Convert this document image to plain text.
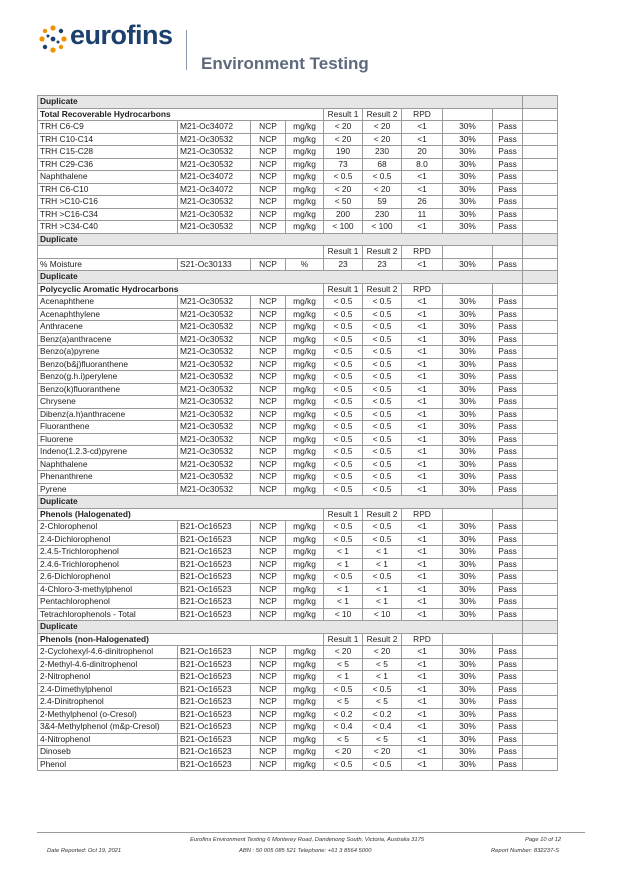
eurofins
Environment Testing
Duplicate									
Total Recoverable Hydrocarbons				Result 1	Result 2	RPD			
TRH C6-C9	M21-Oc34072	NCP	mg/kg	< 20	< 20	<1	30%	Pass	
TRH C10-C14	M21-Oc30532	NCP	mg/kg	< 20	< 20	<1	30%	Pass	
TRH C15-C28	M21-Oc30532	NCP	mg/kg	190	230	20	30%	Pass	
TRH C29-C36	M21-Oc30532	NCP	mg/kg	73	68	8.0	30%	Pass	
Naphthalene	M21-Oc34072	NCP	mg/kg	< 0.5	< 0.5	<1	30%	Pass	
TRH C6-C10	M21-Oc34072	NCP	mg/kg	< 20	< 20	<1	30%	Pass	
TRH >C10-C16	M21-Oc30532	NCP	mg/kg	< 50	59	26	30%	Pass	
TRH >C16-C34	M21-Oc30532	NCP	mg/kg	200	230	11	30%	Pass	
TRH >C34-C40	M21-Oc30532	NCP	mg/kg	< 100	< 100	<1	30%	Pass	
Duplicate									
				Result 1	Result 2	RPD			
% Moisture	S21-Oc30133	NCP	%	23	23	<1	30%	Pass	
Duplicate									
Polycyclic Aromatic Hydrocarbons				Result 1	Result 2	RPD			
Acenaphthene	M21-Oc30532	NCP	mg/kg	< 0.5	< 0.5	<1	30%	Pass	
Acenaphthylene	M21-Oc30532	NCP	mg/kg	< 0.5	< 0.5	<1	30%	Pass	
Anthracene	M21-Oc30532	NCP	mg/kg	< 0.5	< 0.5	<1	30%	Pass	
Benz(a)anthracene	M21-Oc30532	NCP	mg/kg	< 0.5	< 0.5	<1	30%	Pass	
Benzo(a)pyrene	M21-Oc30532	NCP	mg/kg	< 0.5	< 0.5	<1	30%	Pass	
Benzo(b&j)fluoranthene	M21-Oc30532	NCP	mg/kg	< 0.5	< 0.5	<1	30%	Pass	
Benzo(g.h.i)perylene	M21-Oc30532	NCP	mg/kg	< 0.5	< 0.5	<1	30%	Pass	
Benzo(k)fluoranthene	M21-Oc30532	NCP	mg/kg	< 0.5	< 0.5	<1	30%	Pass	
Chrysene	M21-Oc30532	NCP	mg/kg	< 0.5	< 0.5	<1	30%	Pass	
Dibenz(a.h)anthracene	M21-Oc30532	NCP	mg/kg	< 0.5	< 0.5	<1	30%	Pass	
Fluoranthene	M21-Oc30532	NCP	mg/kg	< 0.5	< 0.5	<1	30%	Pass	
Fluorene	M21-Oc30532	NCP	mg/kg	< 0.5	< 0.5	<1	30%	Pass	
Indeno(1.2.3-cd)pyrene	M21-Oc30532	NCP	mg/kg	< 0.5	< 0.5	<1	30%	Pass	
Naphthalene	M21-Oc30532	NCP	mg/kg	< 0.5	< 0.5	<1	30%	Pass	
Phenanthrene	M21-Oc30532	NCP	mg/kg	< 0.5	< 0.5	<1	30%	Pass	
Pyrene	M21-Oc30532	NCP	mg/kg	< 0.5	< 0.5	<1	30%	Pass	
Duplicate									
Phenols (Halogenated)				Result 1	Result 2	RPD			
2-Chlorophenol	B21-Oc16523	NCP	mg/kg	< 0.5	< 0.5	<1	30%	Pass	
2.4-Dichlorophenol	B21-Oc16523	NCP	mg/kg	< 0.5	< 0.5	<1	30%	Pass	
2.4.5-Trichlorophenol	B21-Oc16523	NCP	mg/kg	< 1	< 1	<1	30%	Pass	
2.4.6-Trichlorophenol	B21-Oc16523	NCP	mg/kg	< 1	< 1	<1	30%	Pass	
2.6-Dichlorophenol	B21-Oc16523	NCP	mg/kg	< 0.5	< 0.5	<1	30%	Pass	
4-Chloro-3-methylphenol	B21-Oc16523	NCP	mg/kg	< 1	< 1	<1	30%	Pass	
Pentachlorophenol	B21-Oc16523	NCP	mg/kg	< 1	< 1	<1	30%	Pass	
Tetrachlorophenols - Total	B21-Oc16523	NCP	mg/kg	< 10	< 10	<1	30%	Pass	
Duplicate									
Phenols (non-Halogenated)				Result 1	Result 2	RPD			
2-Cyclohexyl-4.6-dinitrophenol	B21-Oc16523	NCP	mg/kg	< 20	< 20	<1	30%	Pass	
2-Methyl-4.6-dinitrophenol	B21-Oc16523	NCP	mg/kg	< 5	< 5	<1	30%	Pass	
2-Nitrophenol	B21-Oc16523	NCP	mg/kg	< 1	< 1	<1	30%	Pass	
2.4-Dimethylphenol	B21-Oc16523	NCP	mg/kg	< 0.5	< 0.5	<1	30%	Pass	
2.4-Dinitrophenol	B21-Oc16523	NCP	mg/kg	< 5	< 5	<1	30%	Pass	
2-Methylphenol (o-Cresol)	B21-Oc16523	NCP	mg/kg	< 0.2	< 0.2	<1	30%	Pass	
3&4-Methylphenol (m&p-Cresol)	B21-Oc16523	NCP	mg/kg	< 0.4	< 0.4	<1	30%	Pass	
4-Nitrophenol	B21-Oc16523	NCP	mg/kg	< 5	< 5	<1	30%	Pass	
Dinoseb	B21-Oc16523	NCP	mg/kg	< 20	< 20	<1	30%	Pass	
Phenol	B21-Oc16523	NCP	mg/kg	< 0.5	< 0.5	<1	30%	Pass	
Eurofins Environment Testing 6 Monterey Road, Dandenong South, Victoria, Australia 3175	Page 10 of 12
Date Reported: Oct 19, 2021	ABN : 50 005 085 521 Telephone: +61 3 8564 5000	Report Number: 832237-S
